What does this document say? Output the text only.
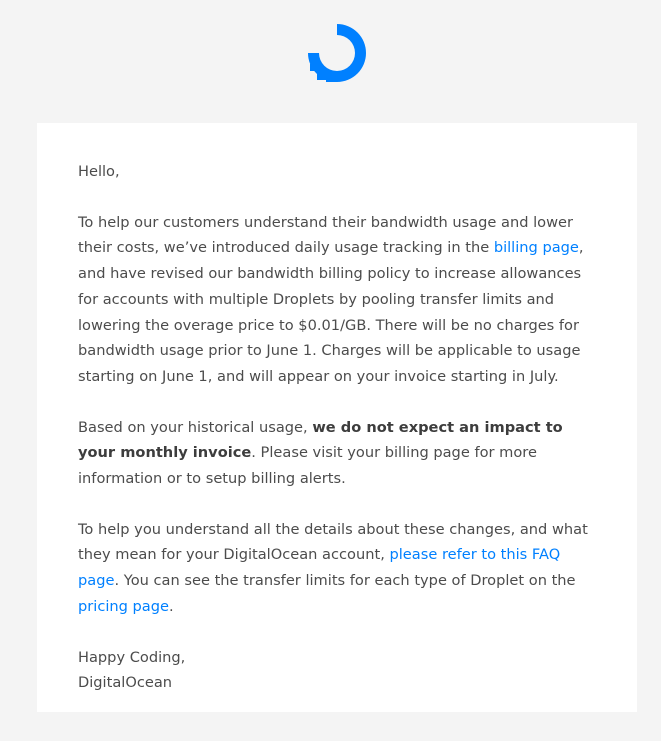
Hello,

To help our customers understand their bandwidth usage and lower their costs, we’ve introduced daily usage tracking in the billing page, and have revised our bandwidth billing policy to increase allowances for accounts with multiple Droplets by pooling transfer limits and lowering the overage price to $0.01/GB. There will be no charges for bandwidth usage prior to June 1. Charges will be applicable to usage starting on June 1, and will appear on your invoice starting in July.

Based on your historical usage, we do not expect an impact to your monthly invoice. Please visit your billing page for more information or to setup billing alerts.

To help you understand all the details about these changes, and what they mean for your DigitalOcean account, please refer to this FAQ page. You can see the transfer limits for each type of Droplet on the pricing page.

Happy Coding,
DigitalOcean
